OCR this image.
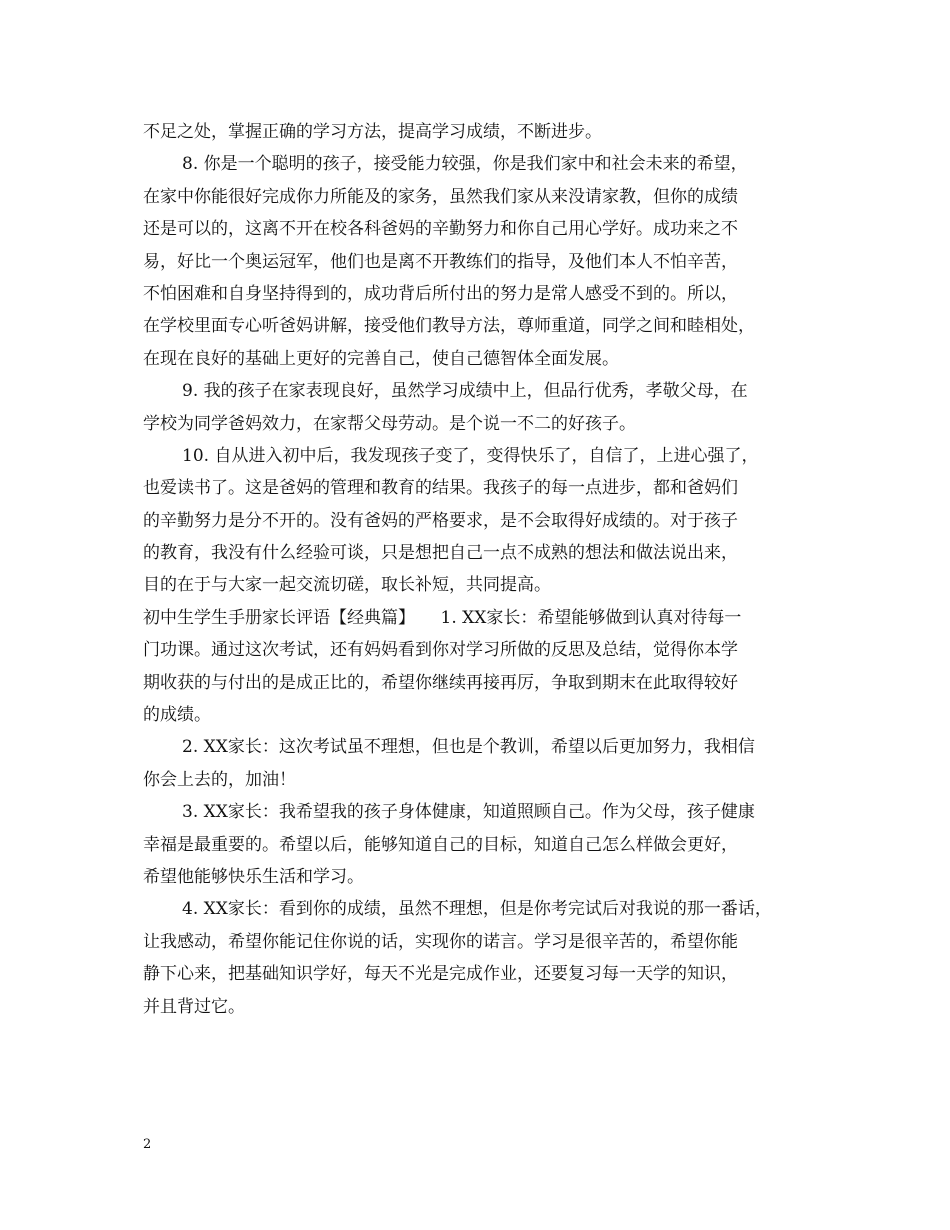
不足之处，掌握正确的学习方法，提高学习成绩，不断进步。
8. 你是一个聪明的孩子，接受能力较强，你是我们家中和社会未来的希望，
在家中你能很好完成你力所能及的家务，虽然我们家从来没请家教，但你的成绩
还是可以的，这离不开在校各科爸妈的辛勤努力和你自己用心学好。成功来之不
易，好比一个奥运冠军，他们也是离不开教练们的指导，及他们本人不怕辛苦，
不怕困难和自身坚持得到的，成功背后所付出的努力是常人感受不到的。所以，
在学校里面专心听爸妈讲解，接受他们教导方法，尊师重道，同学之间和睦相处，
在现在良好的基础上更好的完善自己，使自己德智体全面发展。
9. 我的孩子在家表现良好，虽然学习成绩中上，但品行优秀，孝敬父母，在
学校为同学爸妈效力，在家帮父母劳动。是个说一不二的好孩子。
10. 自从进入初中后，我发现孩子变了，变得快乐了，自信了，上进心强了，
也爱读书了。这是爸妈的管理和教育的结果。我孩子的每一点进步，都和爸妈们
的辛勤努力是分不开的。没有爸妈的严格要求，是不会取得好成绩的。对于孩子
的教育，我没有什么经验可谈，只是想把自己一点不成熟的想法和做法说出来，
目的在于与大家一起交流切磋，取长补短，共同提高。
初中生学生手册家长评语【经典篇】　　1. XX家长：希望能够做到认真对待每一
门功课。通过这次考试，还有妈妈看到你对学习所做的反思及总结，觉得你本学
期收获的与付出的是成正比的，希望你继续再接再厉，争取到期末在此取得较好
的成绩。
2. XX家长：这次考试虽不理想，但也是个教训，希望以后更加努力，我相信
你会上去的，加油！
3. XX家长：我希望我的孩子身体健康，知道照顾自己。作为父母，孩子健康
幸福是最重要的。希望以后，能够知道自己的目标，知道自己怎么样做会更好，
希望他能够快乐生活和学习。
4. XX家长：看到你的成绩，虽然不理想，但是你考完试后对我说的那一番话，
让我感动，希望你能记住你说的话，实现你的诺言。学习是很辛苦的，希望你能
静下心来，把基础知识学好，每天不光是完成作业，还要复习每一天学的知识，
并且背过它。
2
